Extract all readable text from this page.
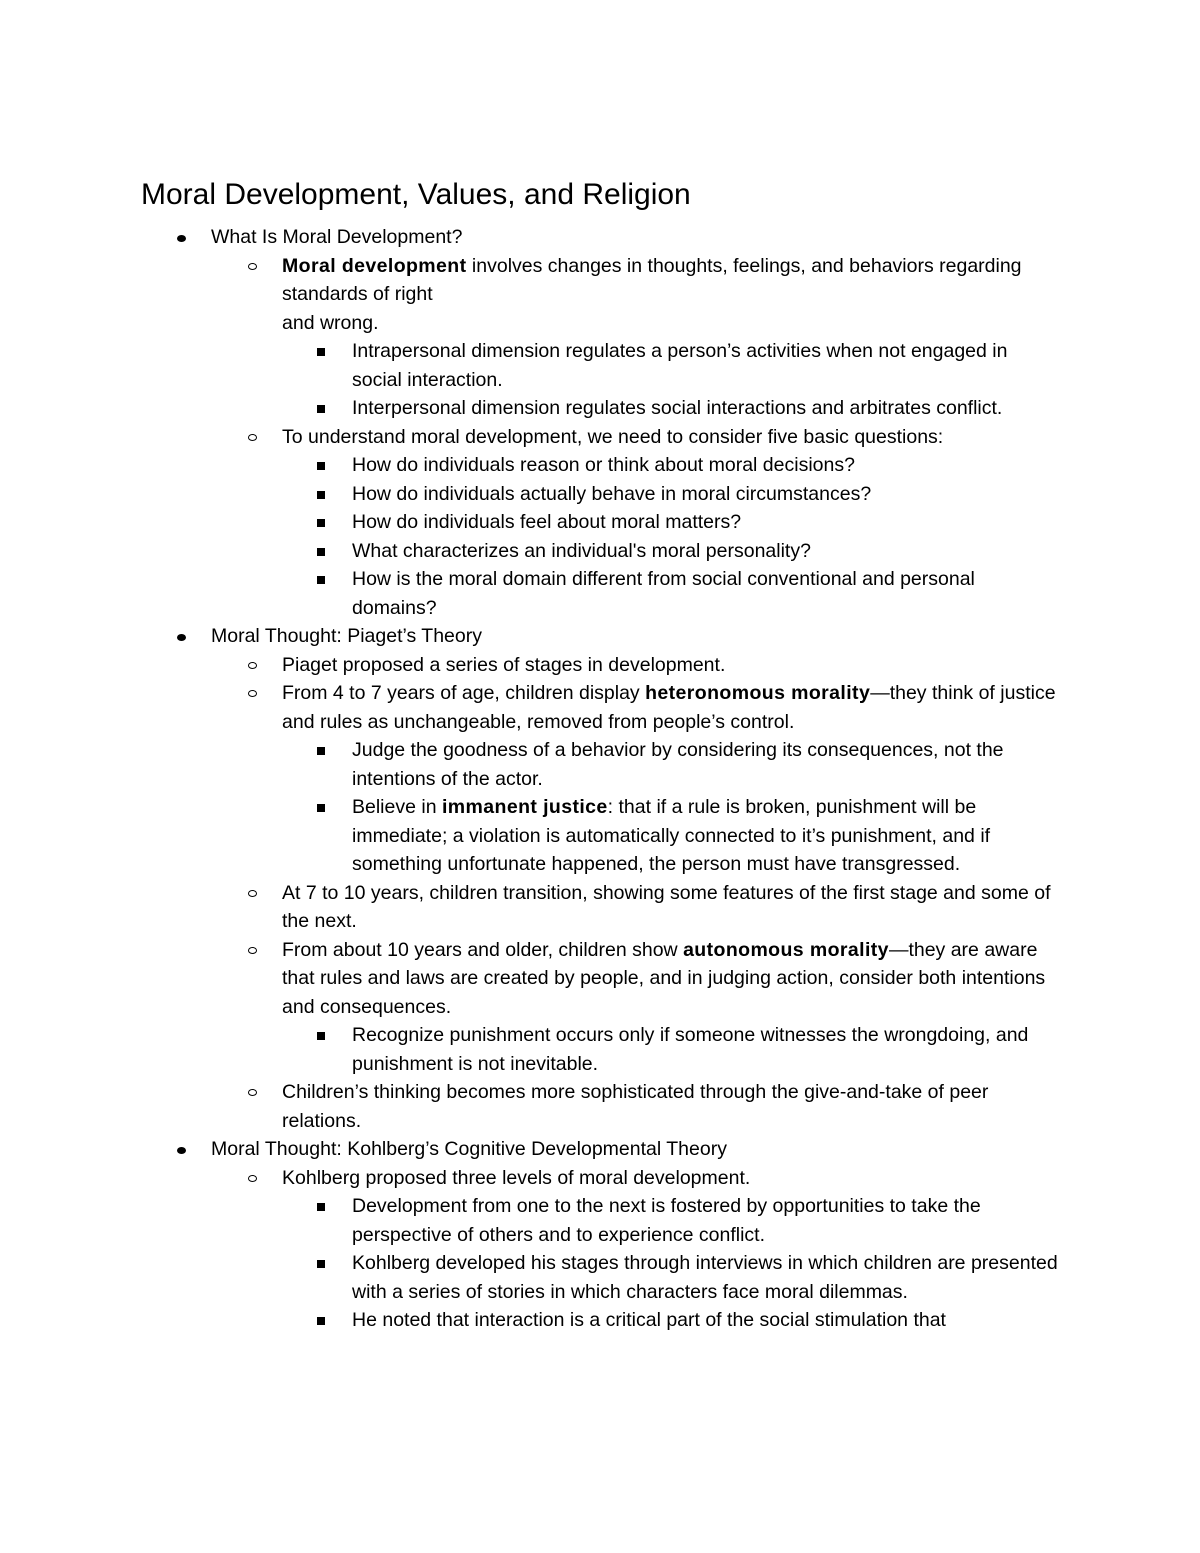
Moral Development, Values, and Religion
What Is Moral Development?
Moral development involves changes in thoughts, feelings, and behaviors regarding standards of right
and wrong.
Intrapersonal dimension regulates a person’s activities when not engaged in social interaction.
Interpersonal dimension regulates social interactions and arbitrates conflict.
To understand moral development, we need to consider five basic questions:
How do individuals reason or think about moral decisions?
How do individuals actually behave in moral circumstances?
How do individuals feel about moral matters?
What characterizes an individual's moral personality?
How is the moral domain different from social conventional and personal domains?
Moral Thought: Piaget’s Theory
Piaget proposed a series of stages in development.
From 4 to 7 years of age, children display heteronomous morality—they think of justice and rules as unchangeable, removed from people’s control.
Judge the goodness of a behavior by considering its consequences, not the intentions of the actor.
Believe in immanent justice: that if a rule is broken, punishment will be immediate; a violation is automatically connected to it’s punishment, and if something unfortunate happened, the person must have transgressed.
At 7 to 10 years, children transition, showing some features of the first stage and some of the next.
From about 10 years and older, children show autonomous morality—they are aware that rules and laws are created by people, and in judging action, consider both intentions and consequences.
Recognize punishment occurs only if someone witnesses the wrongdoing, and punishment is not inevitable.
Children’s thinking becomes more sophisticated through the give-and-take of peer relations.
Moral Thought: Kohlberg’s Cognitive Developmental Theory
Kohlberg proposed three levels of moral development.
Development from one to the next is fostered by opportunities to take the perspective of others and to experience conflict.
Kohlberg developed his stages through interviews in which children are presented with a series of stories in which characters face moral dilemmas.
He noted that interaction is a critical part of the social stimulation that
